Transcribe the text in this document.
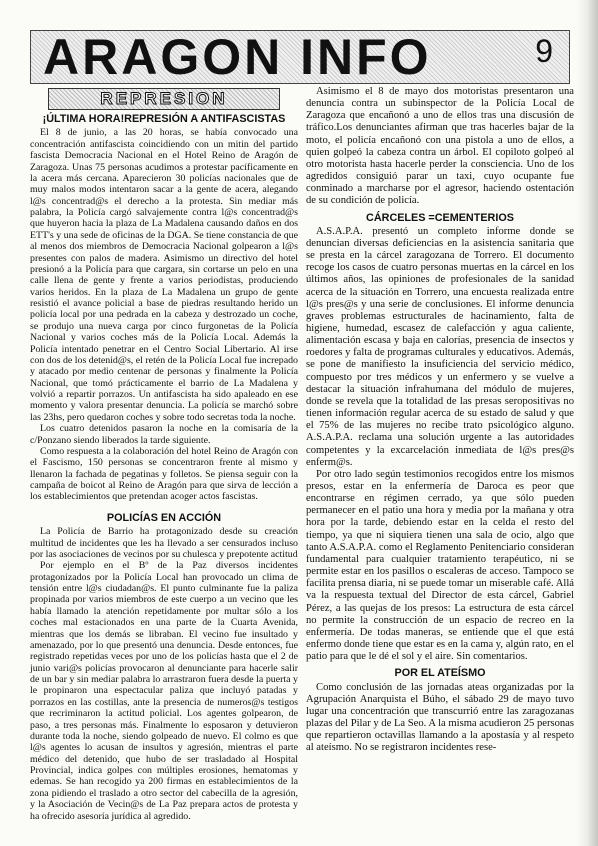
ARAGON INFO	9
REPRESION
¡ÚLTIMA HORA!REPRESIÓN A ANTIFASCISTAS

El 8 de junio, a las 20 horas, se había convocado una concentración antifascista coincidiendo con un mitin del partido fascista Democracia Nacional en el Hotel Reino de Aragón de Zaragoza. Unas 75 personas acudimos a protestar pacíficamente en la acera más cercana. Aparecieron 30 policías nacionales que de muy malos modos intentaron sacar a la gente de acera, alegando l@s concentrad@s el derecho a la protesta. Sin mediar más palabra, la Policía cargó salvajemente contra l@s concentrad@s que huyeron hacia la plaza de La Madalena causando daños en dos ETT's y una sede de oficinas de la DGA. Se tiene constancia de que al menos dos miembros de Democracia Nacional golpearon a l@s presentes con palos de madera. Asimismo un directivo del hotel presionó a la Policía para que cargara, sin cortarse un pelo en una calle llena de gente y frente a varios periodistas, produciendo varios heridos. En la plaza de La Madalena un grupo de gente resistió el avance policial a base de piedras resultando herido un policía local por una pedrada en la cabeza y destrozado un coche, se produjo una nueva carga por cinco furgonetas de la Policía Nacional y varios coches más de la Policía Local. Además la Policía intentado penetrar en el Centro Social Libertario. Al irse con dos de los detenid@s, el retén de la Policía Local fue increpado y atacado por medio centenar de personas y finalmente la Policía Nacional, que tomó prácticamente el barrio de La Madalena y volvió a repartir porrazos. Un antifascista ha sido apaleado en ese momento y valora presentar denuncia. La policía se marchó sobre las 23hs, pero quedaron coches y sobre todo secretas toda la noche.

Los cuatro detenidos pasaron la noche en la comisaría de la c/Ponzano siendo liberados la tarde siguiente.

Como respuesta a la colaboración del hotel Reino de Aragón con el Fascismo, 150 personas se concentraron frente al mismo y llenaron la fachada de pegatinas y folletos. Se piensa seguir con la campaña de boicot al Reino de Aragón para que sirva de lección a los establecimientos que pretendan acoger actos fascistas.

POLICÍAS EN ACCIÓN

La Policía de Barrio ha protagonizado desde su creación multitud de incidentes que les ha llevado a ser censurados incluso por las asociaciones de vecinos por su chulesca y prepotente actitud

Por ejemplo en el Bº de la Paz diversos incidentes protagonizados por la Policía Local han provocado un clima de tensión entre l@s ciudadan@s. El punto culminante fue la paliza propinada por varios miembros de este cuerpo a un vecino que les había llamado la atención repetidamente por multar sólo a los coches mal estacionados en una parte de la Cuarta Avenida, mientras que los demás se libraban. El vecino fue insultado y amenazado, por lo que presentó una denuncia. Desde entonces, fue registrado repetidas veces por uno de los policías hasta que el 2 de junio vari@s policías provocaron al denunciante para hacerle salir de un bar y sin mediar palabra lo arrastraron fuera desde la puerta y le propinaron una espectacular paliza que incluyó patadas y porrazos en las costillas, ante la presencia de numeros@s testigos que recriminaron la actitud policial. Los agentes golpearon, de paso, a tres personas más. Finalmente lo esposaron y detuvieron durante toda la noche, siendo golpeado de nuevo. El colmo es que l@s agentes lo acusan de insultos y agresión, mientras el parte médico del detenido, que hubo de ser trasladado al Hospital Provincial, indica golpes con múltiples erosiones, hematomas y edemas. Se han recogido ya 200 firmas en establecimientos de la zona pidiendo el traslado a otro sector del cabecilla de la agresión, y la Asociación de Vecin@s de La Paz prepara actos de protesta y ha ofrecido asesoría jurídica al agredido.

Asimismo el 8 de mayo dos motoristas presentaron una denuncia contra un subinspector de la Policía Local de Zaragoza que encañonó a uno de ellos tras una discusión de tráfico.Los denunciantes afirman que tras hacerles bajar de la moto, el policía encañonó con una pistola a uno de ellos, a quien golpeó la cabeza contra un árbol. El copiloto golpeó al otro motorista hasta hacerle perder la consciencia. Uno de los agredidos consiguió parar un taxi, cuyo ocupante fue conminado a marcharse por el agresor, haciendo ostentación de su condición de policía.

CÁRCELES =CEMENTERIOS

A.S.A.P.A. presentó un completo informe donde se denuncian diversas deficiencias en la asistencia sanitaria que se presta en la cárcel zaragozana de Torrero. El documento recoge los casos de cuatro personas muertas en la cárcel en los últimos años, las opiniones de profesionales de la sanidad acerca de la situación en Torrero, una encuesta realizada entre l@s pres@s y una serie de conclusiones. El informe denuncia graves problemas estructurales de hacinamiento, falta de higiene, humedad, escasez de calefacción y agua caliente, alimentación escasa y baja en calorías, presencia de insectos y roedores y falta de programas culturales y educativos. Además, se pone de manifiesto la insuficiencia del servicio médico, compuesto por tres médicos y un enfermero y se vuelve a destacar la situación infrahumana del módulo de mujeres, donde se revela que la totalidad de las presas seropositivas no tienen información regular acerca de su estado de salud y que el 75% de las mujeres no recibe trato psicológico alguno. A.S.A.P.A. reclama una solución urgente a las autoridades competentes y la excarcelación inmediata de l@s pres@s enferm@s.

Por otro lado según testimonios recogidos entre los mismos presos, estar en la enfermería de Daroca es peor que encontrarse en régimen cerrado, ya que sólo pueden permanecer en el patio una hora y media por la mañana y otra hora por la tarde, debiendo estar en la celda el resto del tiempo, ya que ni siquiera tienen una sala de ocio, algo que tanto A.S.A.P.A. como el Reglamento Penitenciario consideran fundamental para cualquier tratamiento terapéutico, ni se permite estar en los pasillos o escaleras de acceso. Tampoco se facilita prensa diaria, ni se puede tomar un miserable café. Allá va la respuesta textual del Director de esta cárcel, Gabriel Pérez, a las quejas de los presos: La estructura de esta cárcel no permite la construcción de un espacio de recreo en la enfermería. De todas maneras, se entiende que el que está enfermo donde tiene que estar es en la cama y, algún rato, en el patio para que le dé el sol y el aire. Sin comentarios.

POR EL ATEÍSMO

Como conclusión de las jornadas ateas organizadas por la Agrupación Anarquista el Búho, el sábado 29 de mayo tuvo lugar una concentración que transcurrió entre las zaragozanas plazas del Pilar y de La Seo. A la misma acudieron 25 personas que repartieron octavillas llamando a la apostasía y al respeto al ateísmo. No se registraron incidentes rese-
